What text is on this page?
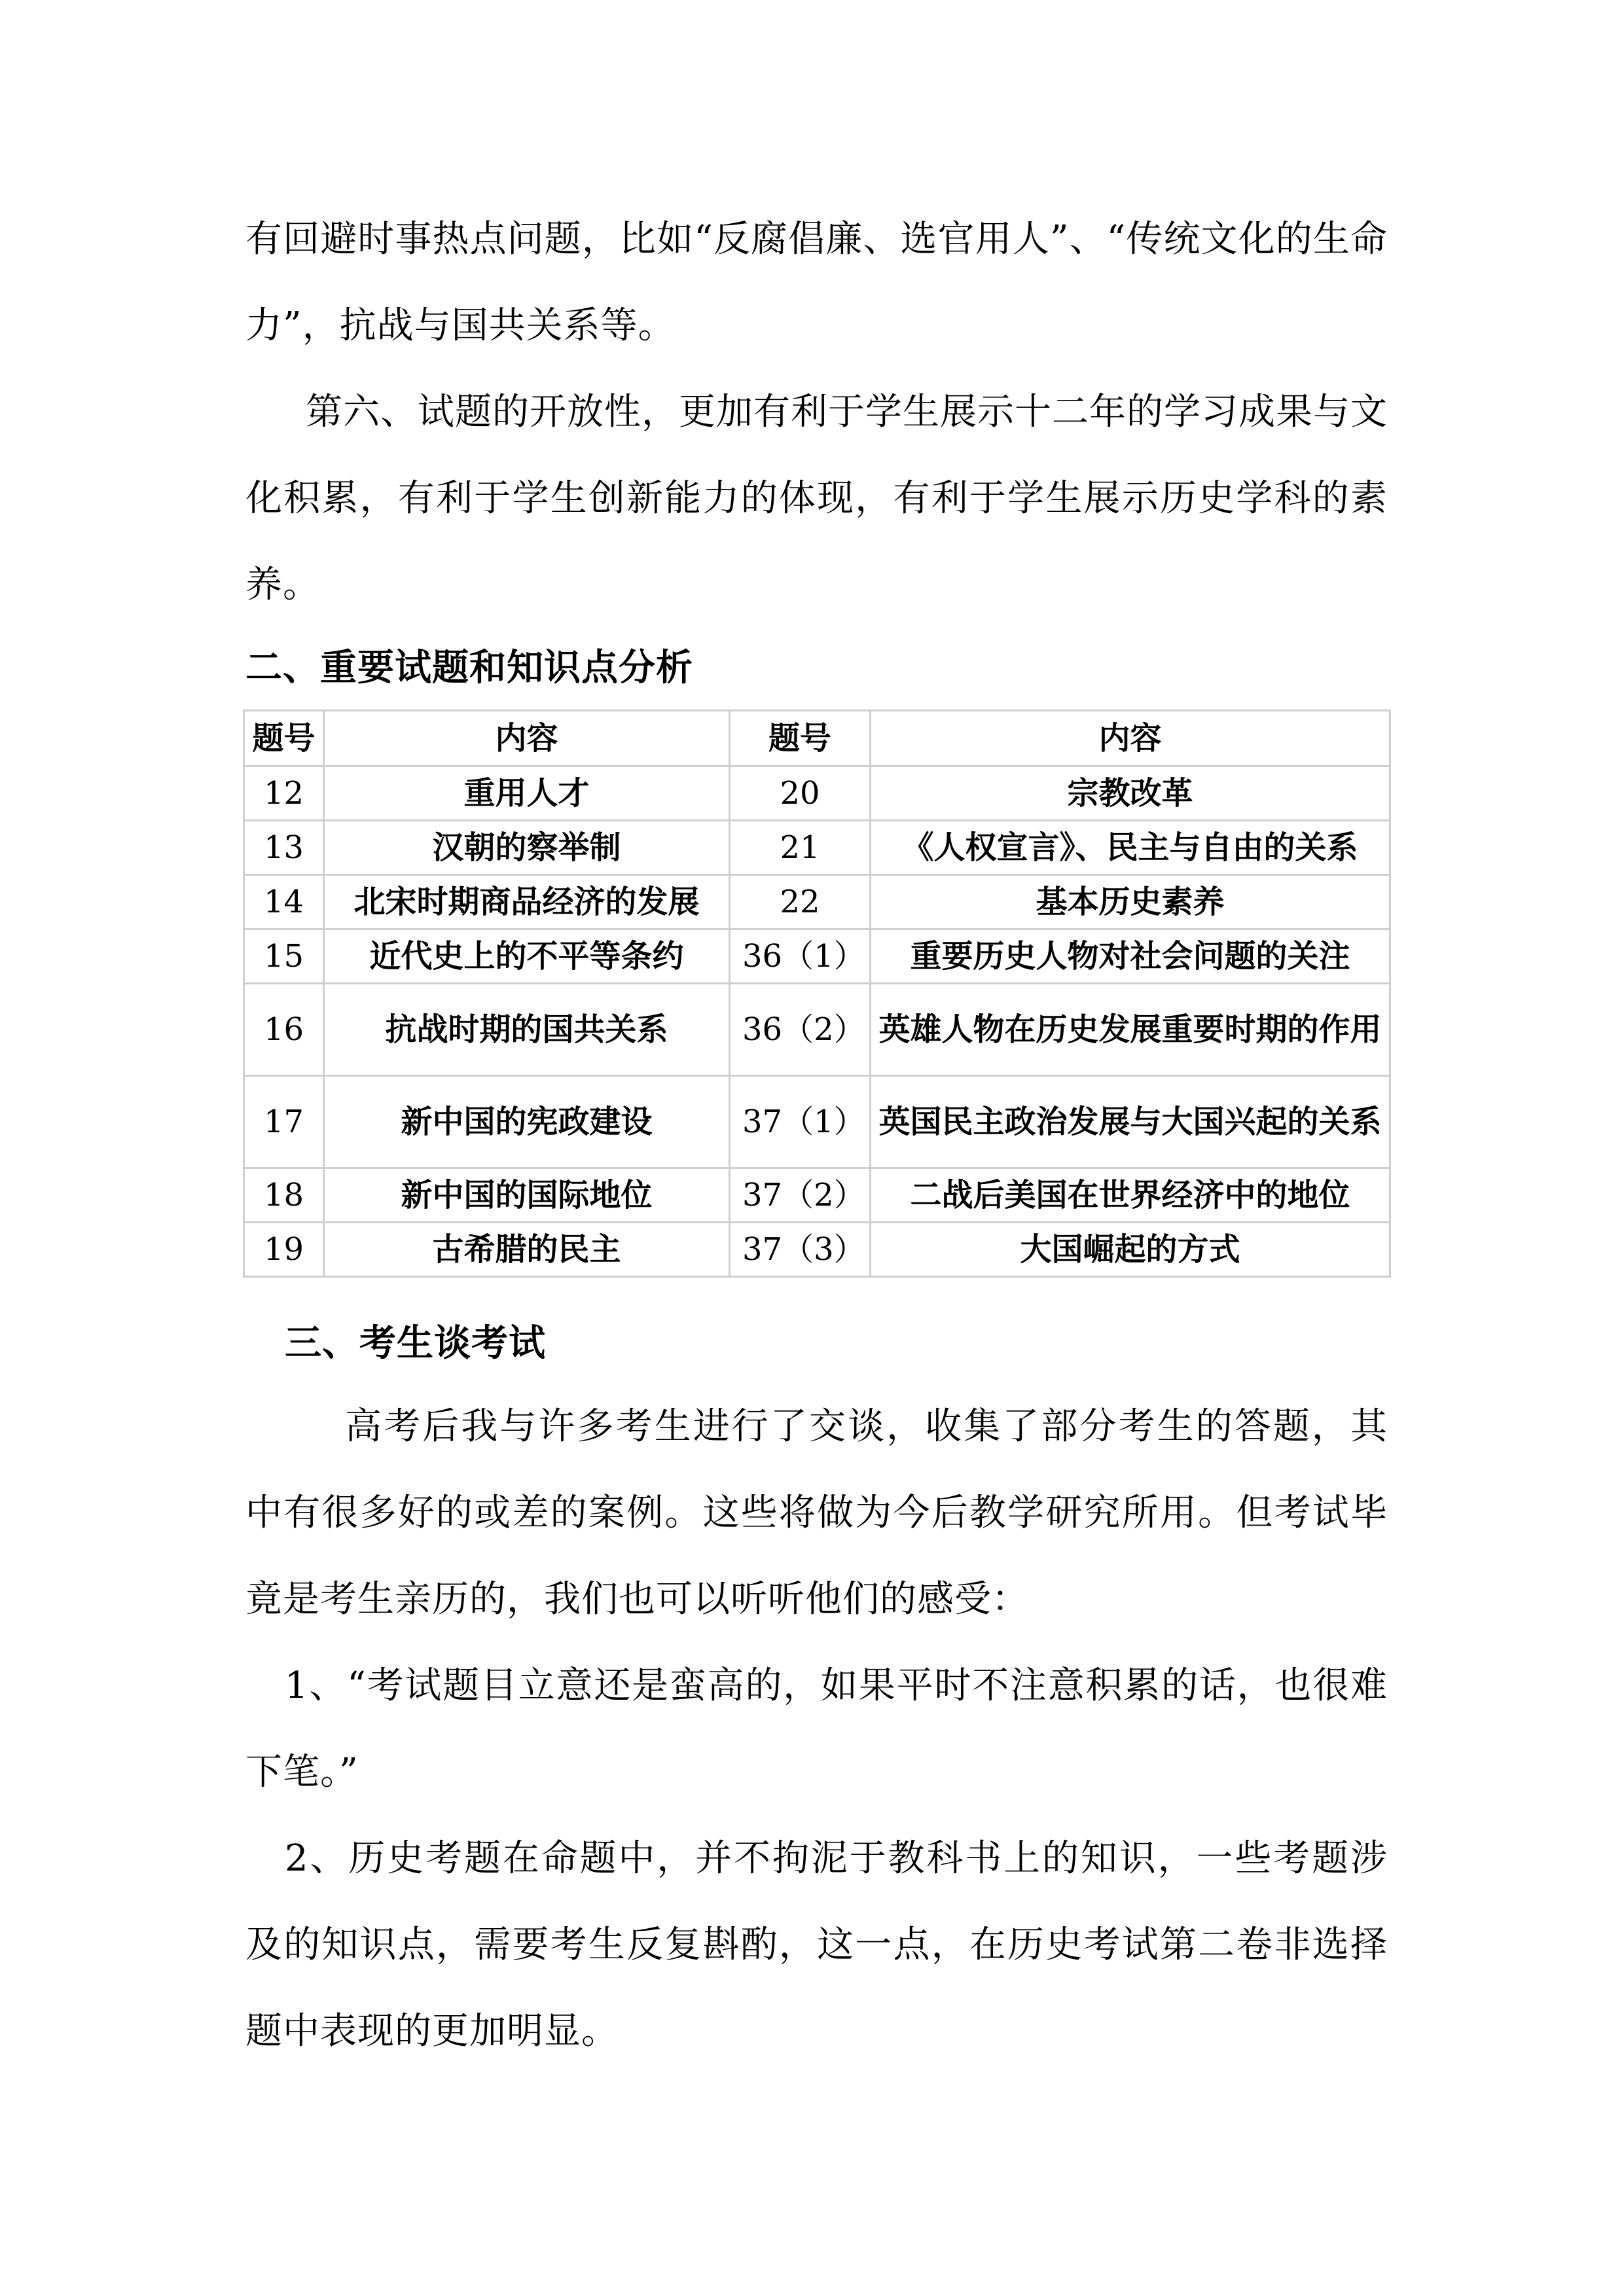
有回避时事热点问题，比如“反腐倡廉、选官用人”、“传统文化的生命力”，抗战与国共关系等。

第六、试题的开放性，更加有利于学生展示十二年的学习成果与文化积累，有利于学生创新能力的体现，有利于学生展示历史学科的素养。

二、重要试题和知识点分析
题号	内容	题号	内容
12	重用人才	20	宗教改革
13	汉朝的察举制	21	《人权宣言》、民主与自由的关系
14	北宋时期商品经济的发展	22	基本历史素养
15	近代史上的不平等条约	36（1）	重要历史人物对社会问题的关注
16	抗战时期的国共关系	36（2）	英雄人物在历史发展重要时期的作用
17	新中国的宪政建设	37（1）	英国民主政治发展与大国兴起的关系
18	新中国的国际地位	37（2）	二战后美国在世界经济中的地位
19	古希腊的民主	37（3）	大国崛起的方式
三、考生谈考试

高考后我与许多考生进行了交谈，收集了部分考生的答题，其中有很多好的或差的案例。这些将做为今后教学研究所用。但考试毕竟是考生亲历的，我们也可以听听他们的感受：

1、“考试题目立意还是蛮高的，如果平时不注意积累的话，也很难下笔。”

2、历史考题在命题中，并不拘泥于教科书上的知识，一些考题涉及的知识点，需要考生反复斟酌，这一点，在历史考试第二卷非选择题中表现的更加明显。
